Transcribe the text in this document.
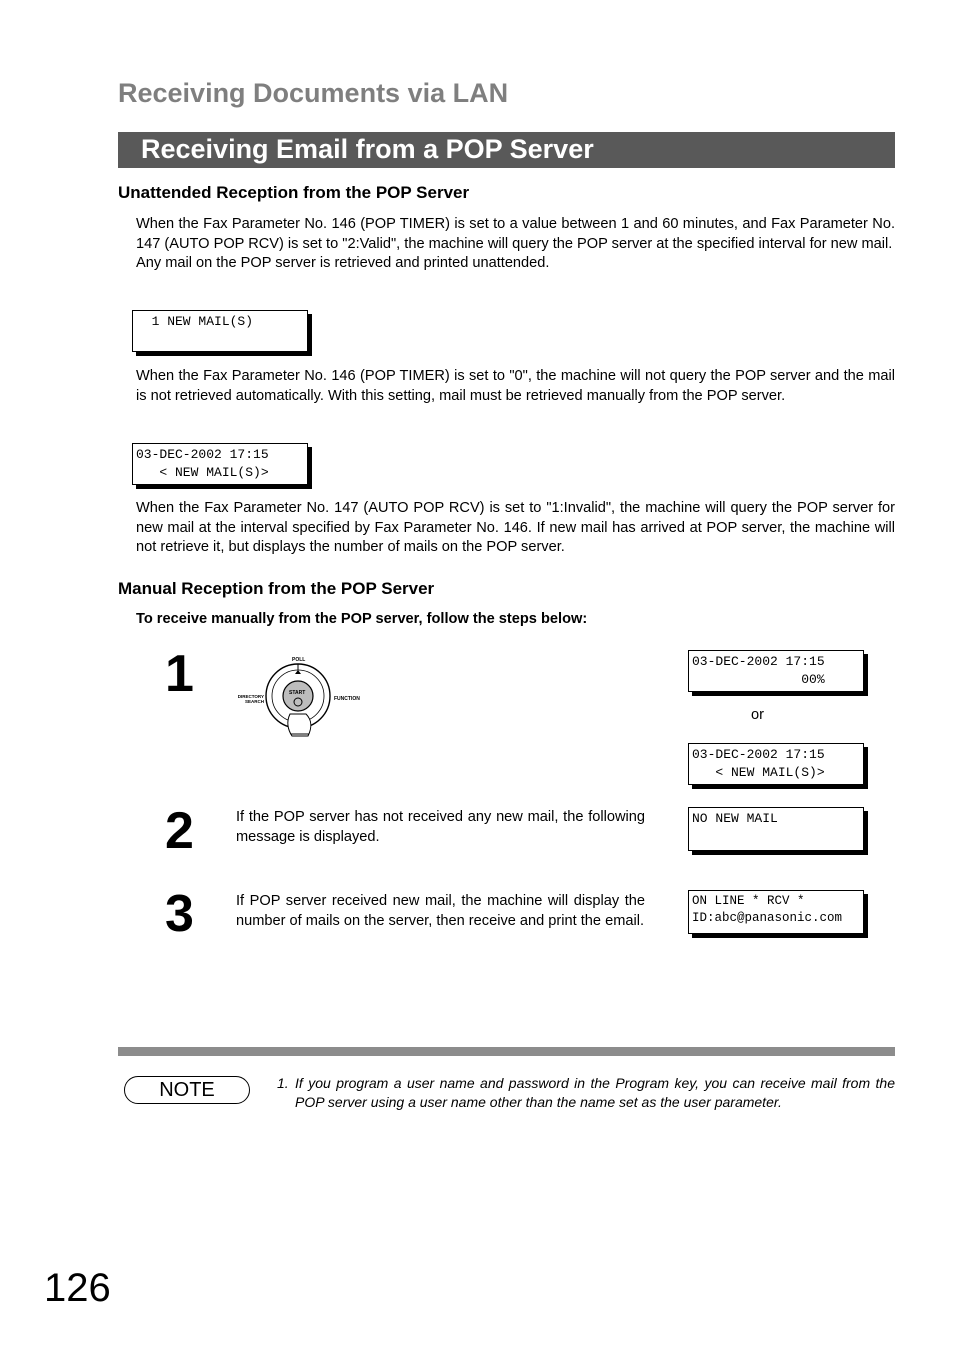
Receiving Documents via LAN
Receiving Email from a POP Server
Unattended Reception from the POP Server

When the Fax Parameter No. 146 (POP TIMER) is set to a value between 1 and 60 minutes, and Fax Parameter No. 147 (AUTO POP RCV) is set to "2:Valid", the machine will query the POP server at the specified interval for new mail.

Any mail on the POP server is retrieved and printed unattended.

1 NEW MAIL(S)

When the Fax Parameter No. 146 (POP TIMER) is set to "0", the machine will not query the POP server and the mail is not retrieved automatically. With this setting, mail must be retrieved manually from the POP server.
03-DEC-2002 17:15
< NEW MAIL(S)>
When the Fax Parameter No. 147 (AUTO POP RCV) is set to "1:Invalid", the machine will query the POP server for new mail at the interval specified by Fax Parameter No. 146. If new mail has arrived at POP server, the machine will not retrieve it, but displays the number of mails on the POP server.
Manual Reception from the POP Server
To receive manually from the POP server, follow the steps below:
1	POLL
START
DIRECTORY SEARCH	FUNCTION
03-DEC-2002 17:15
00%
or
03-DEC-2002 17:15
< NEW MAIL(S)>
2	If the POP server has not received any new mail, the following message is displayed.
NO NEW MAIL

3	If POP server received new mail, the machine will display the number of mails on the server, then receive and print the email.
ON LINE * RCV *
ID:abc@panasonic.com
NOTE	1. If you program a user name and password in the Program key, you can receive mail from the POP server using a user name other than the name set as the user parameter.
126
